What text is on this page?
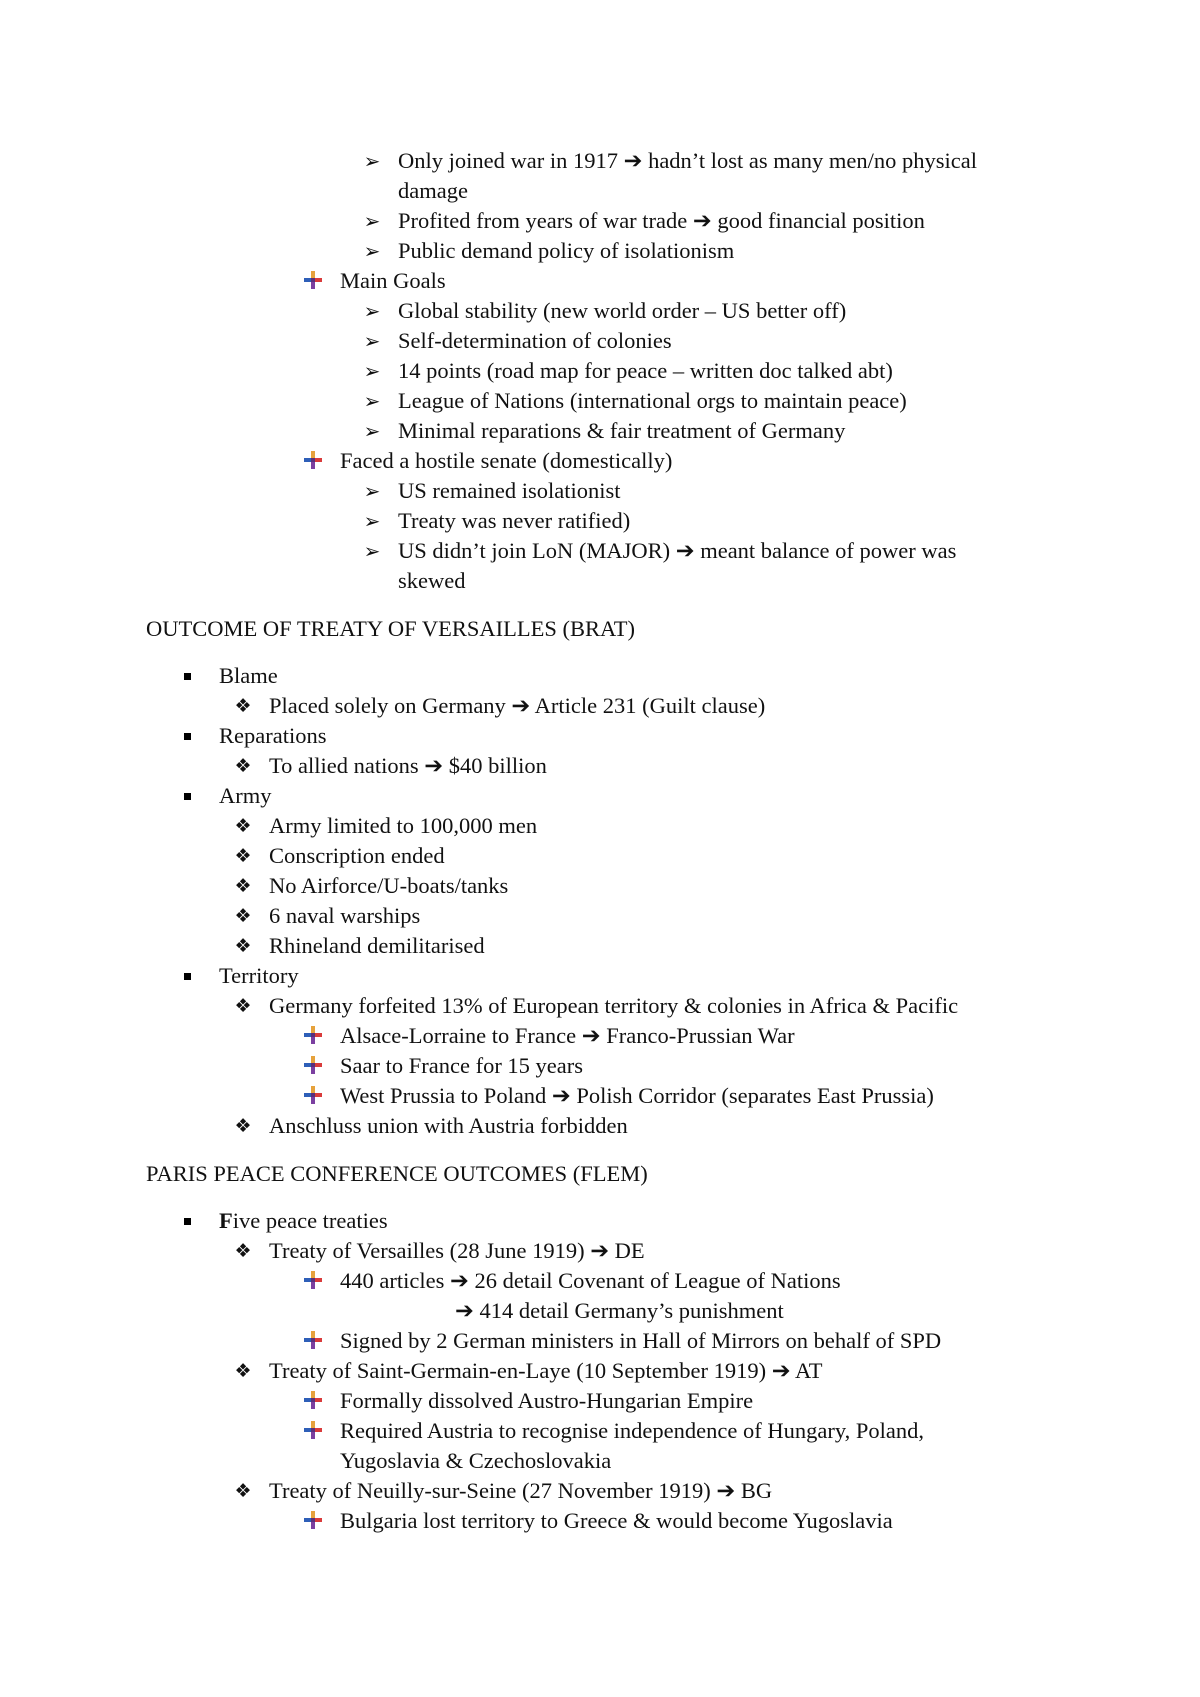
➢ Only joined war in 1917 ➔ hadn’t lost as many men/no physical
damage
➢ Profited from years of war trade ➔ good financial position
➢ Public demand policy of isolationism
Main Goals
➢ Global stability (new world order – US better off)
➢ Self-determination of colonies
➢ 14 points (road map for peace – written doc talked abt)
➢ League of Nations (international orgs to maintain peace)
➢ Minimal reparations & fair treatment of Germany
Faced a hostile senate (domestically)
➢ US remained isolationist
➢ Treaty was never ratified)
➢ US didn’t join LoN (MAJOR) ➔ meant balance of power was
skewed
OUTCOME OF TREATY OF VERSAILLES (BRAT)
Blame
❖ Placed solely on Germany ➔ Article 231 (Guilt clause)
Reparations
❖ To allied nations ➔ $40 billion
Army
❖ Army limited to 100,000 men
❖ Conscription ended
❖ No Airforce/U-boats/tanks
❖ 6 naval warships
❖ Rhineland demilitarised
Territory
❖ Germany forfeited 13% of European territory & colonies in Africa & Pacific
Alsace-Lorraine to France ➔ Franco-Prussian War
Saar to France for 15 years
West Prussia to Poland ➔ Polish Corridor (separates East Prussia)
❖ Anschluss union with Austria forbidden
PARIS PEACE CONFERENCE OUTCOMES (FLEM)
Five peace treaties
❖ Treaty of Versailles (28 June 1919) ➔ DE
440 articles ➔ 26 detail Covenant of League of Nations
➔ 414 detail Germany’s punishment
Signed by 2 German ministers in Hall of Mirrors on behalf of SPD
❖ Treaty of Saint-Germain-en-Laye (10 September 1919) ➔ AT
Formally dissolved Austro-Hungarian Empire
Required Austria to recognise independence of Hungary, Poland,
Yugoslavia & Czechoslovakia
❖ Treaty of Neuilly-sur-Seine (27 November 1919) ➔ BG
Bulgaria lost territory to Greece & would become Yugoslavia
